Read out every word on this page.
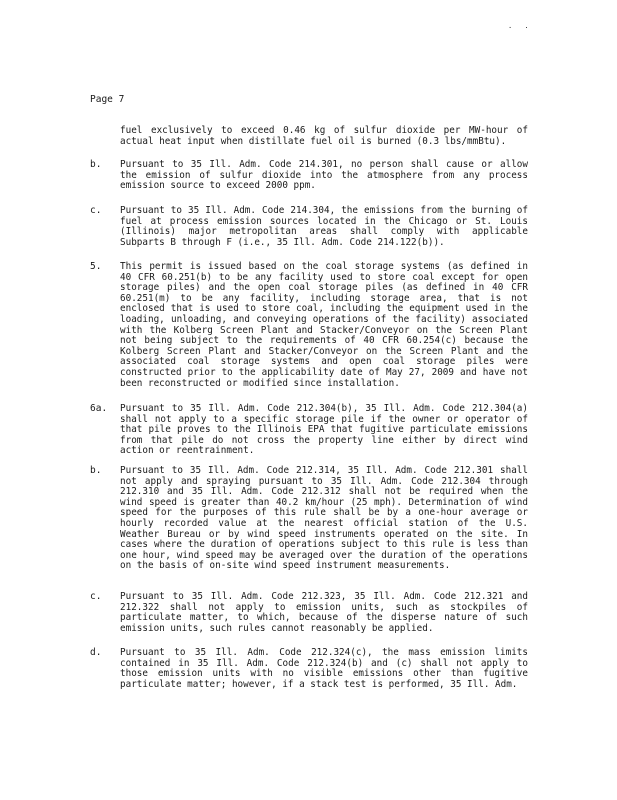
. .
Page 7

fuel exclusively to exceed 0.46 kg of sulfur dioxide per MW-hour of actual heat input when distillate fuel oil is burned (0.3 lbs/mmBtu).

b. Pursuant to 35 Ill. Adm. Code 214.301, no person shall cause or allow the emission of sulfur dioxide into the atmosphere from any process emission source to exceed 2000 ppm.

c. Pursuant to 35 Ill. Adm. Code 214.304, the emissions from the burning of fuel at process emission sources located in the Chicago or St. Louis (Illinois) major metropolitan areas shall comply with applicable Subparts B through F (i.e., 35 Ill. Adm. Code 214.122(b)).

5. This permit is issued based on the coal storage systems (as defined in 40 CFR 60.251(b) to be any facility used to store coal except for open storage piles) and the open coal storage piles (as defined in 40 CFR 60.251(m) to be any facility, including storage area, that is not enclosed that is used to store coal, including the equipment used in the loading, unloading, and conveying operations of the facility) associated with the Kolberg Screen Plant and Stacker/Conveyor on the Screen Plant not being subject to the requirements of 40 CFR 60.254(c) because the Kolberg Screen Plant and Stacker/Conveyor on the Screen Plant and the associated coal storage systems and open coal storage piles were constructed prior to the applicability date of May 27, 2009 and have not been reconstructed or modified since installation.

6a. Pursuant to 35 Ill. Adm. Code 212.304(b), 35 Ill. Adm. Code 212.304(a) shall not apply to a specific storage pile if the owner or operator of that pile proves to the Illinois EPA that fugitive particulate emissions from that pile do not cross the property line either by direct wind action or reentrainment.

b. Pursuant to 35 Ill. Adm. Code 212.314, 35 Ill. Adm. Code 212.301 shall not apply and spraying pursuant to 35 Ill. Adm. Code 212.304 through 212.310 and 35 Ill. Adm. Code 212.312 shall not be required when the wind speed is greater than 40.2 km/hour (25 mph). Determination of wind speed for the purposes of this rule shall be by a one-hour average or hourly recorded value at the nearest official station of the U.S. Weather Bureau or by wind speed instruments operated on the site. In cases where the duration of operations subject to this rule is less than one hour, wind speed may be averaged over the duration of the operations on the basis of on-site wind speed instrument measurements.

c. Pursuant to 35 Ill. Adm. Code 212.323, 35 Ill. Adm. Code 212.321 and 212.322 shall not apply to emission units, such as stockpiles of particulate matter, to which, because of the disperse nature of such emission units, such rules cannot reasonably be applied.

d. Pursuant to 35 Ill. Adm. Code 212.324(c), the mass emission limits contained in 35 Ill. Adm. Code 212.324(b) and (c) shall not apply to those emission units with no visible emissions other than fugitive particulate matter; however, if a stack test is performed, 35 Ill. Adm.
